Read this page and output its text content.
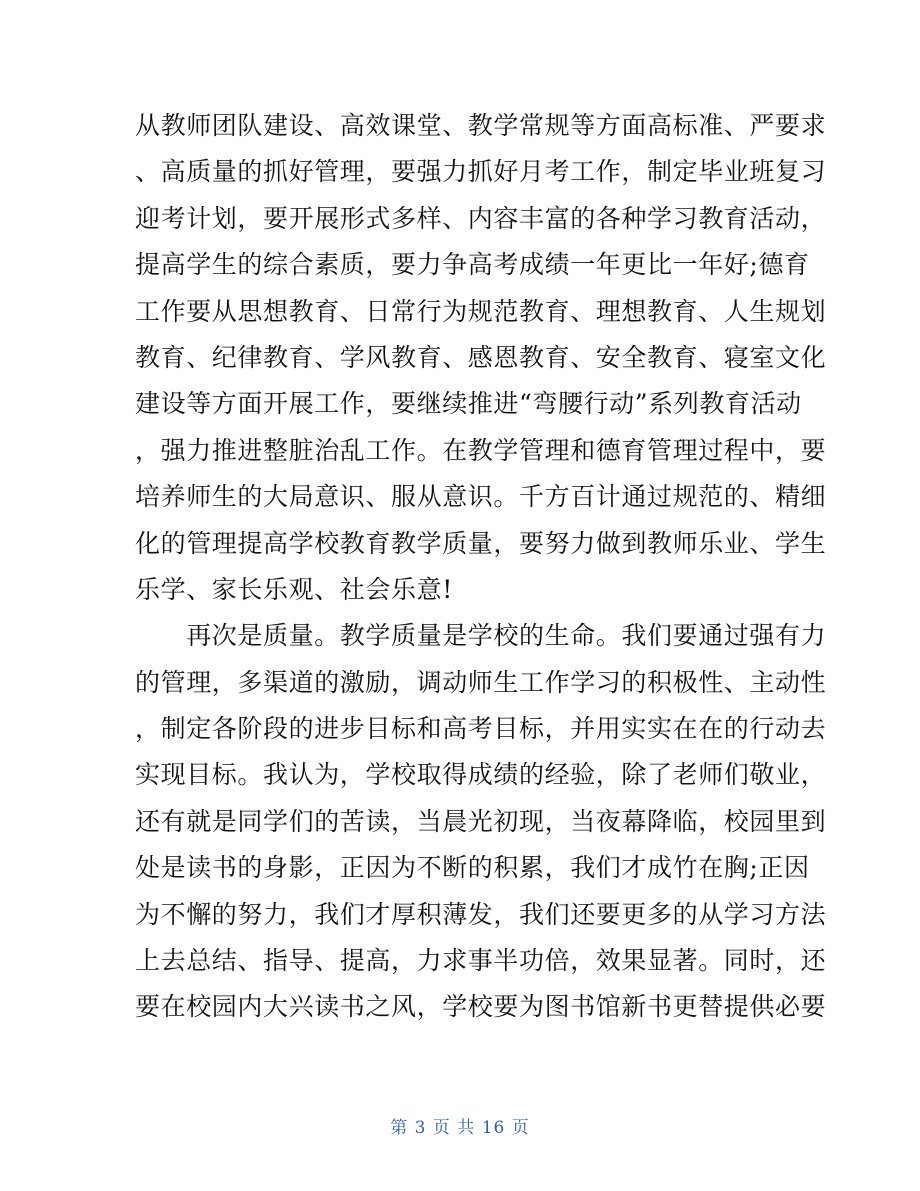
从教师团队建设、高效课堂、教学常规等方面高标准、严要求
、高质量的抓好管理，要强力抓好月考工作，制定毕业班复习
迎考计划，要开展形式多样、内容丰富的各种学习教育活动，
提高学生的综合素质，要力争高考成绩一年更比一年好;德育
工作要从思想教育、日常行为规范教育、理想教育、人生规划
教育、纪律教育、学风教育、感恩教育、安全教育、寝室文化
建设等方面开展工作，要继续推进“弯腰行动”系列教育活动
，强力推进整脏治乱工作。在教学管理和德育管理过程中，要
培养师生的大局意识、服从意识。千方百计通过规范的、精细
化的管理提高学校教育教学质量，要努力做到教师乐业、学生
乐学、家长乐观、社会乐意!
　　再次是质量。教学质量是学校的生命。我们要通过强有力
的管理，多渠道的激励，调动师生工作学习的积极性、主动性
，制定各阶段的进步目标和高考目标，并用实实在在的行动去
实现目标。我认为，学校取得成绩的经验，除了老师们敬业，
还有就是同学们的苦读，当晨光初现，当夜幕降临，校园里到
处是读书的身影，正因为不断的积累，我们才成竹在胸;正因
为不懈的努力，我们才厚积薄发，我们还要更多的从学习方法
上去总结、指导、提高，力求事半功倍，效果显著。同时，还
要在校园内大兴读书之风，学校要为图书馆新书更替提供必要
第 3 页 共 16 页
